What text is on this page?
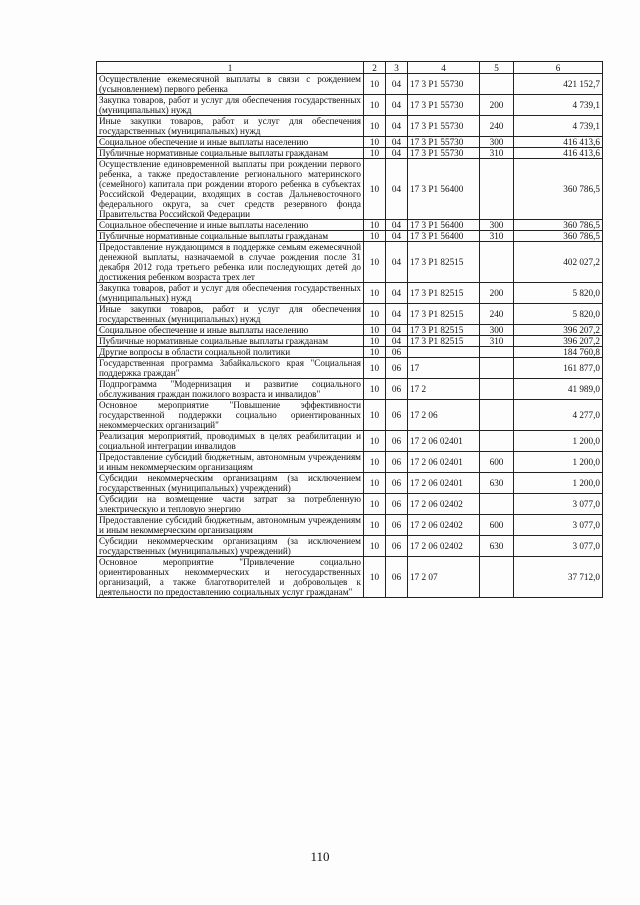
1	2	3	4	5	6
Осуществление ежемесячной выплаты в связи с рождением (усыновлением) первого ребенка	10	04	17 3 P1 55730		421 152,7
Закупка товаров, работ и услуг для обеспечения государственных (муниципальных) нужд	10	04	17 3 P1 55730	200	4 739,1
Иные закупки товаров, работ и услуг для обеспечения государственных (муниципальных) нужд	10	04	17 3 P1 55730	240	4 739,1
Социальное обеспечение и иные выплаты населению	10	04	17 3 P1 55730	300	416 413,6
Публичные нормативные социальные выплаты гражданам	10	04	17 3 P1 55730	310	416 413,6
Осуществление единовременной выплаты при рождении первого ребенка, а также предоставление регионального материнского (семейного) капитала при рождении второго ребенка в субъектах Российской Федерации, входящих в состав Дальневосточного федерального округа, за счет средств резервного фонда Правительства Российской Федерации	10	04	17 3 P1 56400		360 786,5
Социальное обеспечение и иные выплаты населению	10	04	17 3 P1 56400	300	360 786,5
Публичные нормативные социальные выплаты гражданам	10	04	17 3 P1 56400	310	360 786,5
Предоставление нуждающимся в поддержке семьям ежемесячной денежной выплаты, назначаемой в случае рождения после 31 декабря 2012 года третьего ребенка или последующих детей до достижения ребенком возраста трех лет	10	04	17 3 P1 82515		402 027,2
Закупка товаров, работ и услуг для обеспечения государственных (муниципальных) нужд	10	04	17 3 P1 82515	200	5 820,0
Иные закупки товаров, работ и услуг для обеспечения государственных (муниципальных) нужд	10	04	17 3 P1 82515	240	5 820,0
Социальное обеспечение и иные выплаты населению	10	04	17 3 P1 82515	300	396 207,2
Публичные нормативные социальные выплаты гражданам	10	04	17 3 P1 82515	310	396 207,2
Другие вопросы в области социальной политики	10	06			184 760,8
Государственная программа Забайкальского края "Социальная поддержка граждан"	10	06	17		161 877,0
Подпрограмма "Модернизация и развитие социального обслуживания граждан пожилого возраста и инвалидов"	10	06	17 2		41 989,0
Основное мероприятие "Повышение эффективности государственной поддержки социально ориентированных некоммерческих организаций"	10	06	17 2 06		4 277,0
Реализация мероприятий, проводимых в целях реабилитации и социальной интеграции инвалидов	10	06	17 2 06 02401		1 200,0
Предоставление субсидий бюджетным, автономным учреждениям и иным некоммерческим организациям	10	06	17 2 06 02401	600	1 200,0
Субсидии некоммерческим организациям (за исключением государственных (муниципальных) учреждений)	10	06	17 2 06 02401	630	1 200,0
Субсидии на возмещение части затрат за потребленную электрическую и тепловую энергию	10	06	17 2 06 02402		3 077,0
Предоставление субсидий бюджетным, автономным учреждениям и иным некоммерческим организациям	10	06	17 2 06 02402	600	3 077,0
Субсидии некоммерческим организациям (за исключением государственных (муниципальных) учреждений)	10	06	17 2 06 02402	630	3 077,0
Основное мероприятие "Привлечение социально ориентированных некоммерческих и негосударственных организаций, а также благотворителей и добровольцев к деятельности по предоставлению социальных услуг гражданам"	10	06	17 2 07		37 712,0
110
